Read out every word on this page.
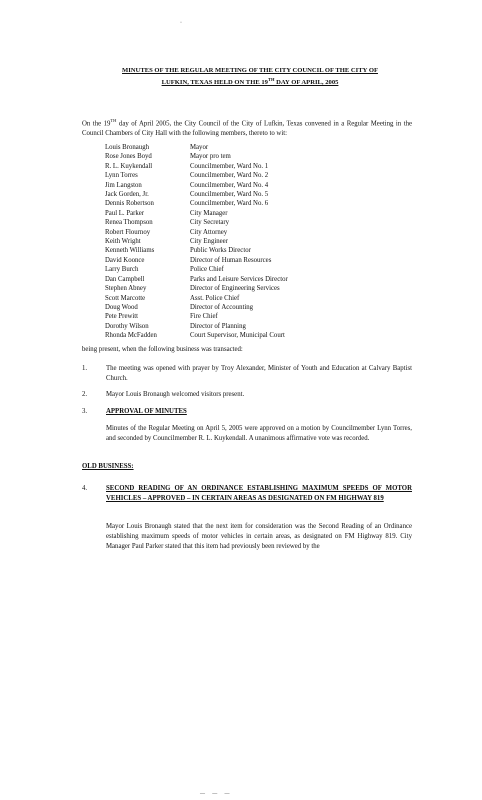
·
MINUTES OF THE REGULAR MEETING OF THE CITY COUNCIL OF THE CITY OF
LUFKIN, TEXAS HELD ON THE 19TH DAY OF APRIL, 2005
On the 19TH day of April 2005, the City Council of the City of Lufkin, Texas convened in a Regular Meeting in the Council Chambers of City Hall with the following members, thereto to wit:
Louis Bronaugh	Mayor
Rose Jones Boyd	Mayor pro tem
R. L. Kuykendall	Councilmember, Ward No. 1
Lynn Torres	Councilmember, Ward No. 2
Jim Langston	Councilmember, Ward No. 4
Jack Gorden, Jr.	Councilmember, Ward No. 5
Dennis Robertson	Councilmember, Ward No. 6
Paul L. Parker	City Manager
Renea Thompson	City Secretary
Robert Flournoy	City Attorney
Keith Wright	City Engineer
Kenneth Williams	Public Works Director
David Koonce	Director of Human Resources
Larry Burch	Police Chief
Dan Campbell	Parks and Leisure Services Director
Stephen Abney	Director of Engineering Services
Scott Marcotte	Asst. Police Chief
Doug Wood	Director of Accounting
Pete Prewitt	Fire Chief
Dorothy Wilson	Director of Planning
Rhonda McFadden	Court Supervisor, Municipal Court
being present, when the following business was transacted:
1.	The meeting was opened with prayer by Troy Alexander, Minister of Youth and Education at Calvary Baptist Church.
2.	Mayor Louis Bronaugh welcomed visitors present.
3.	APPROVAL OF MINUTES
Minutes of the Regular Meeting on April 5, 2005 were approved on a motion by Councilmember Lynn Torres, and seconded by Councilmember R. L. Kuykendall. A unanimous affirmative vote was recorded.
OLD BUSINESS:
4.	SECOND READING OF AN ORDINANCE ESTABLISHING MAXIMUM SPEEDS OF MOTOR VEHICLES – APPROVED – IN CERTAIN AREAS AS DESIGNATED ON FM HIGHWAY 819
Mayor Louis Bronaugh stated that the next item for consideration was the Second Reading of an Ordinance establishing maximum speeds of motor vehicles in certain areas, as designated on FM Highway 819. City Manager Paul Parker stated that this item had previously been reviewed by the
— — —
